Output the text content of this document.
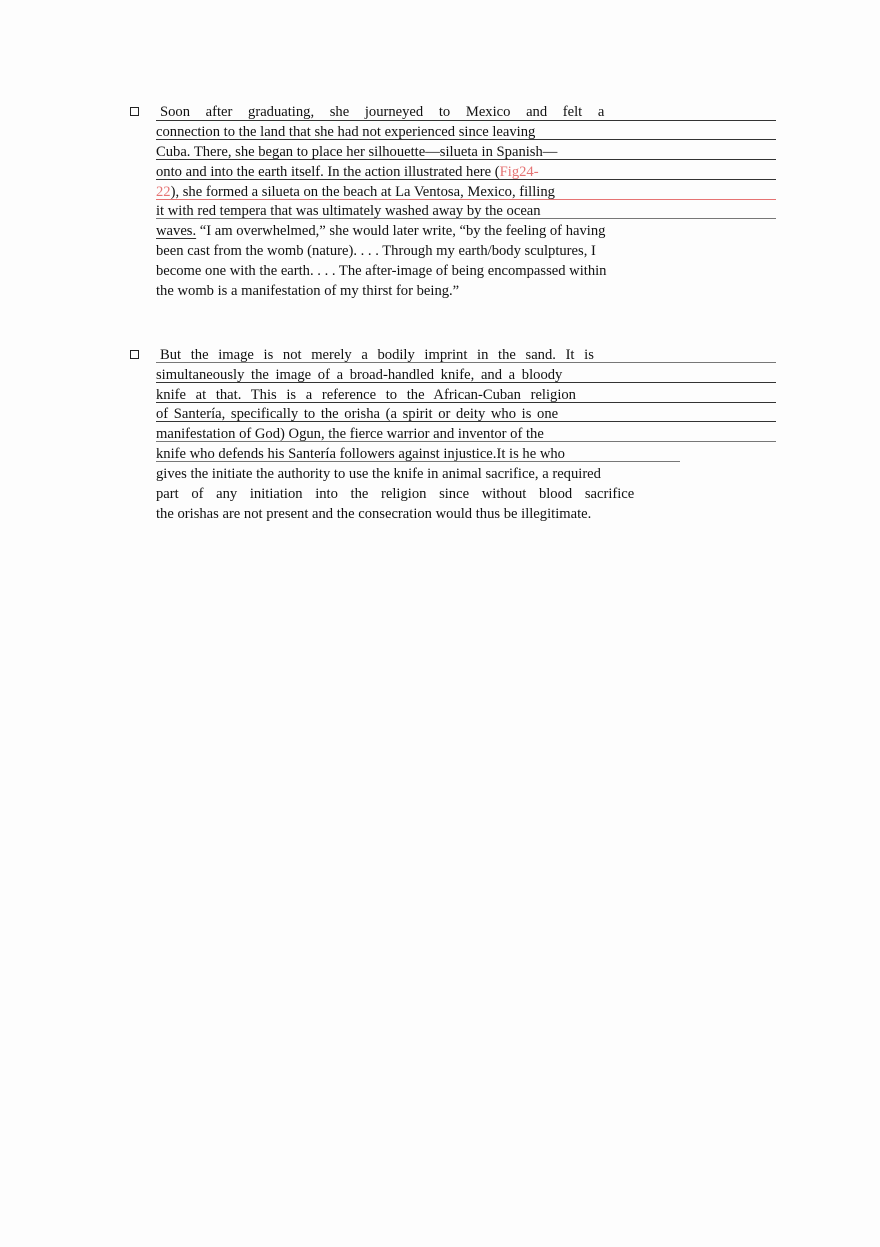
Soon after graduating, she journeyed to Mexico and felt a
connection to the land that she had not experienced since leaving
Cuba. There, she began to place her silhouette—silueta in Spanish—
onto and into the earth itself. In the action illustrated here (Fig24-
22), she formed a silueta on the beach at La Ventosa, Mexico, filling
it with red tempera that was ultimately washed away by the ocean
waves. “I am overwhelmed,” she would later write, “by the feeling of having
been cast from the womb (nature). . . . Through my earth/body sculptures, I
become one with the earth. . . . The after-image of being encompassed within
the womb is a manifestation of my thirst for being.”
But the image is not merely a bodily imprint in the sand. It is
simultaneously the image of a broad-handled knife, and a bloody
knife at that. This is a reference to the African-Cuban religion
of Santería, specifically to the orisha (a spirit or deity who is one
manifestation of God) Ogun, the fierce warrior and inventor of the
knife who defends his Santería followers against injustice.It is he who
gives the initiate the authority to use the knife in animal sacrifice, a required
part of any initiation into the religion since without blood sacrifice
the orishas are not present and the consecration would thus be illegitimate.
